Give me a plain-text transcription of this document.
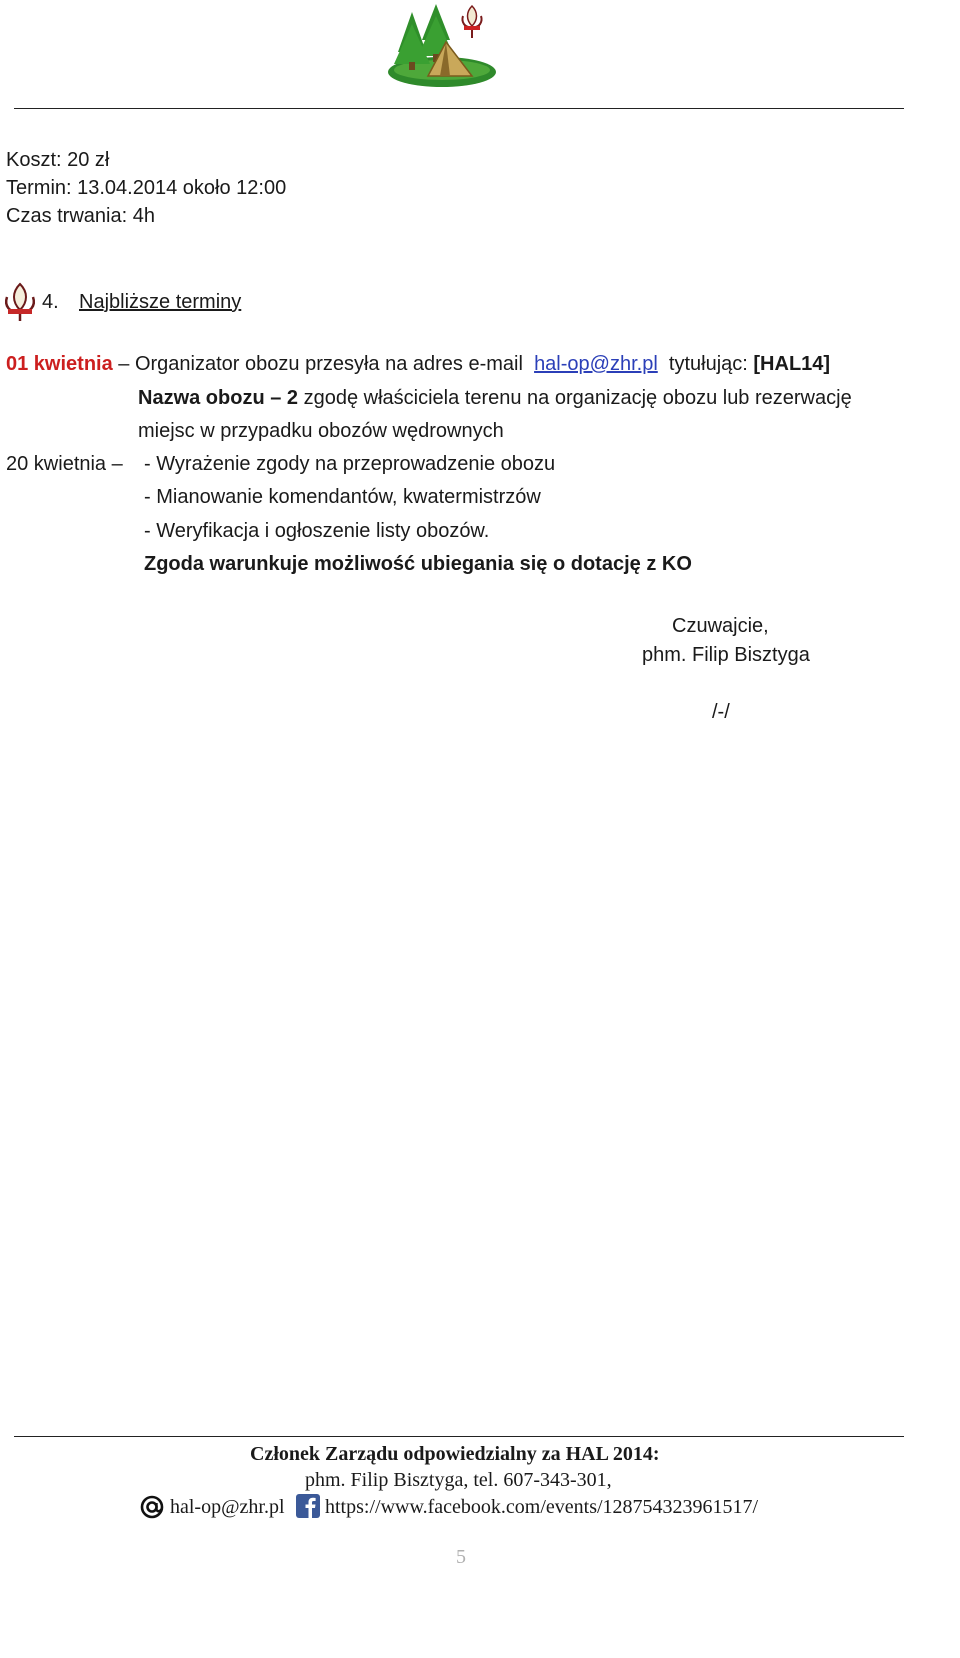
Koszt: 20 zł
Termin: 13.04.2014 około 12:00
Czas trwania: 4h
4. Najbliższe terminy
01 kwietnia – Organizator obozu przesyła na adres e-mail hal-op@zhr.pl tytułując: [HAL14]
Nazwa obozu – 2 zgodę właściciela terenu na organizację obozu lub rezerwację
miejsc w przypadku obozów wędrownych
20 kwietnia – - Wyrażenie zgody na przeprowadzenie obozu
- Mianowanie komendantów, kwatermistrzów
- Weryfikacja i ogłoszenie listy obozów.
Zgoda warunkuje możliwość ubiegania się o dotację z KO
Czuwajcie,
phm. Filip Bisztyga
/-/
Członek Zarządu odpowiedzialny za HAL 2014:
phm. Filip Bisztyga, tel. 607-343-301,
hal-op@zhr.pl https://www.facebook.com/events/128754323961517/
5
